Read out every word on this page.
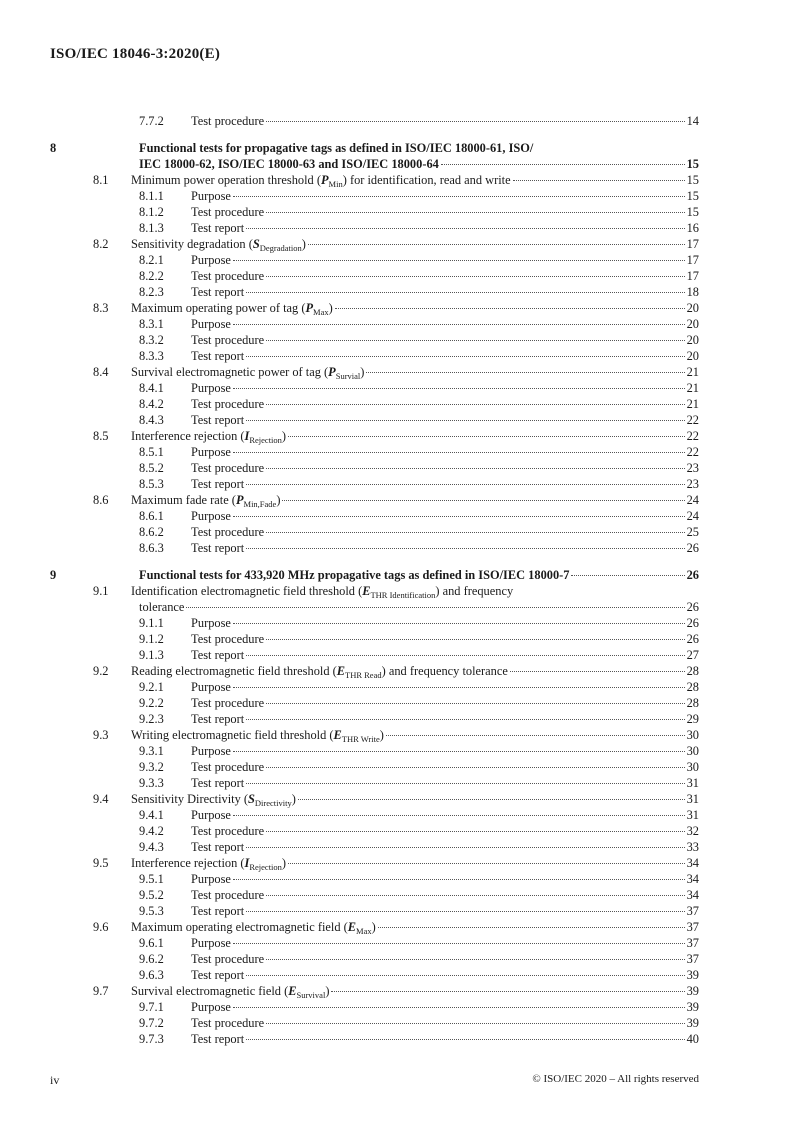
ISO/IEC 18046-3:2020(E)
7.7.2	Test procedure	14
8	Functional tests for propagative tags as defined in ISO/IEC 18000-61, ISO/
IEC 18000-62, ISO/IEC 18000-63 and ISO/IEC 18000-64	15
8.1	Minimum power operation threshold $(P_{Min})$ for identification, read and write	15
8.1.1	Purpose	15
8.1.2	Test procedure	15
8.1.3	Test report	16
8.2	Sensitivity degradation $(S_{Degradation})$	17
8.2.1	Purpose	17
8.2.2	Test procedure	17
8.2.3	Test report	18
8.3	Maximum operating power of tag $(P_{Max})$	20
8.3.1	Purpose	20
8.3.2	Test procedure	20
8.3.3	Test report	20
8.4	Survival electromagnetic power of tag $(P_{Survial})$	21
8.4.1	Purpose	21
8.4.2	Test procedure	21
8.4.3	Test report	22
8.5	Interference rejection $(I_{Rejection})$	22
8.5.1	Purpose	22
8.5.2	Test procedure	23
8.5.3	Test report	23
8.6	Maximum fade rate $(P_{Min,Fade})$	24
8.6.1	Purpose	24
8.6.2	Test procedure	25
8.6.3	Test report	26
9	Functional tests for 433,920 MHz propagative tags as defined in ISO/IEC 18000-7	26
9.1	Identification electromagnetic field threshold $(E_{THR Identification})$ and frequency
tolerance	26
9.1.1	Purpose	26
9.1.2	Test procedure	26
9.1.3	Test report	27
9.2	Reading electromagnetic field threshold $(E_{THR Read})$ and frequency tolerance	28
9.2.1	Purpose	28
9.2.2	Test procedure	28
9.2.3	Test report	29
9.3	Writing electromagnetic field threshold $(E_{THR Write})$	30
9.3.1	Purpose	30
9.3.2	Test procedure	30
9.3.3	Test report	31
9.4	Sensitivity Directivity $(S_{Directivity})$	31
9.4.1	Purpose	31
9.4.2	Test procedure	32
9.4.3	Test report	33
9.5	Interference rejection $(I_{Rejection})$	34
9.5.1	Purpose	34
9.5.2	Test procedure	34
9.5.3	Test report	37
9.6	Maximum operating electromagnetic field $(E_{Max})$	37
9.6.1	Purpose	37
9.6.2	Test procedure	37
9.6.3	Test report	39
9.7	Survival electromagnetic field $(E_{Survival})$	39
9.7.1	Purpose	39
9.7.2	Test procedure	39
9.7.3	Test report	40
iv	© ISO/IEC 2020 – All rights reserved
